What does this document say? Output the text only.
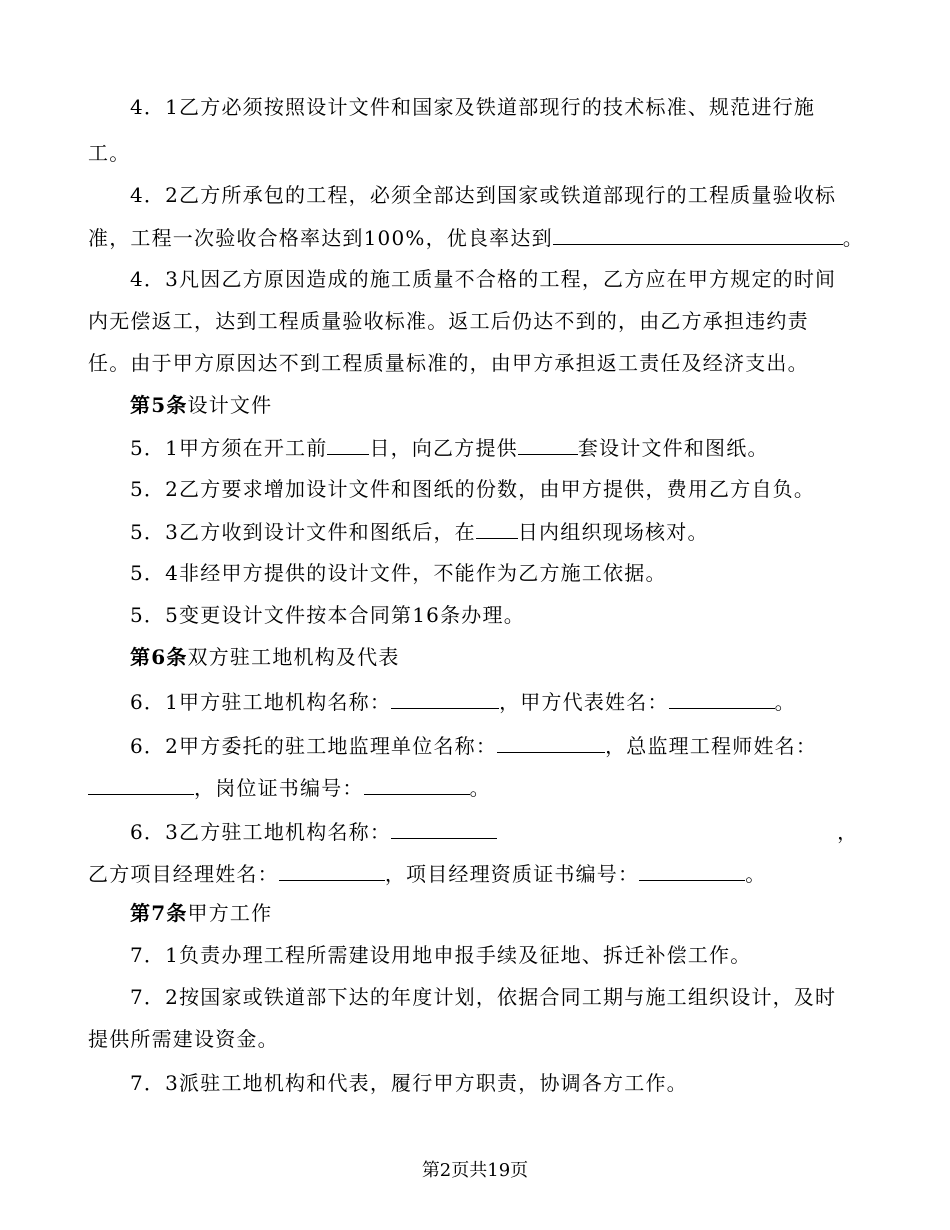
4．1乙方必须按照设计文件和国家及铁道部现行的技术标准、规范进行施
工。
4．2乙方所承包的工程，必须全部达到国家或铁道部现行的工程质量验收标
准，工程一次验收合格率达到100%，优良率达到	。
4．3凡因乙方原因造成的施工质量不合格的工程，乙方应在甲方规定的时间
内无偿返工，达到工程质量验收标准。返工后仍达不到的，由乙方承担违约责
任。由于甲方原因达不到工程质量标准的，由甲方承担返工责任及经济支出。
第5条设计文件
5．1甲方须在开工前 日，向乙方提供	套设计文件和图纸。
5．2乙方要求增加设计文件和图纸的份数，由甲方提供，费用乙方自负。
5．3乙方收到设计文件和图纸后，在 日内组织现场核对。
5．4非经甲方提供的设计文件，不能作为乙方施工依据。
5．5变更设计文件按本合同第16条办理。
第6条双方驻工地机构及代表
6．1甲方驻工地机构名称：	，甲方代表姓名：	。
6．2甲方委托的驻工地监理单位名称：	，总监理工程师姓名：
，岗位证书编号：	。
6．3乙方驻工地机构名称：	，
乙方项目经理姓名：	，项目经理资质证书编号：	。
第7条甲方工作
7．1负责办理工程所需建设用地申报手续及征地、拆迁补偿工作。
7．2按国家或铁道部下达的年度计划，依据合同工期与施工组织设计，及时
提供所需建设资金。
7．3派驻工地机构和代表，履行甲方职责，协调各方工作。
第2页共19页
